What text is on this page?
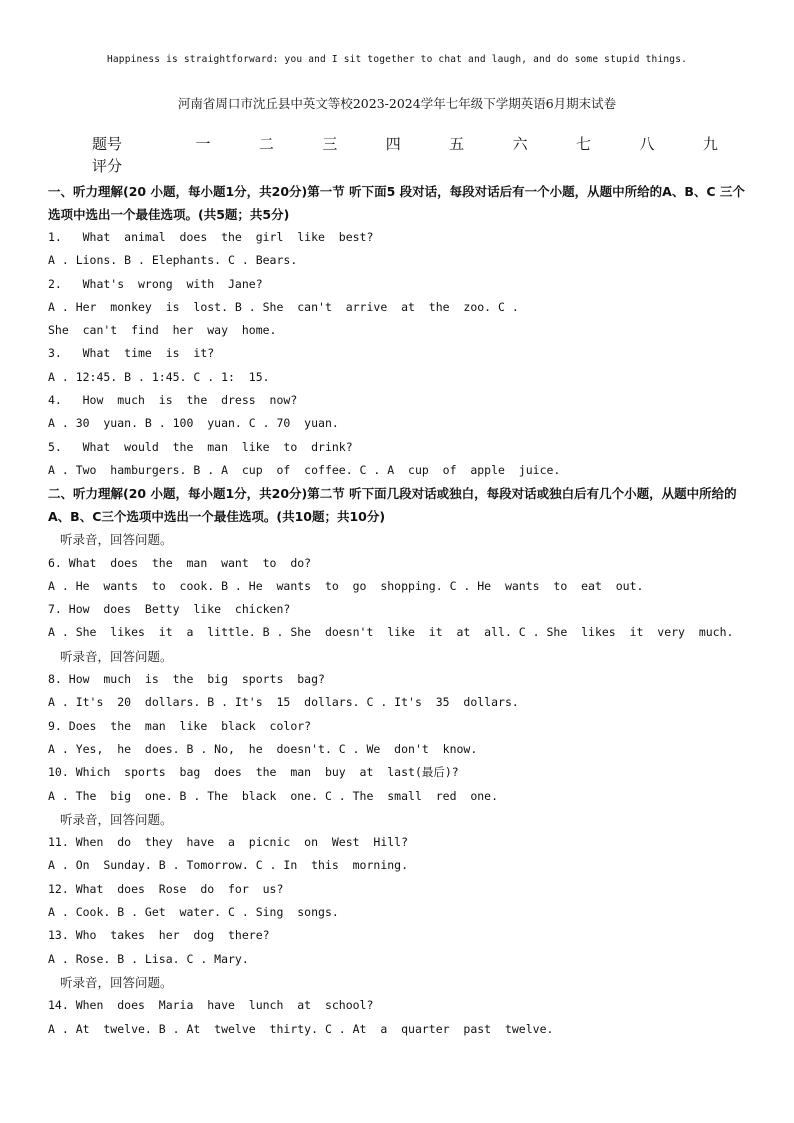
Happiness is straightforward: you and I sit together to chat and laugh, and do some stupid things.
河南省周口市沈丘县中英文等校2023-2024学年七年级下学期英语6月期末试卷
题号	一	二	三	四	五	六	七	八	九
评分

一、听力理解(20 小题，每小题1分，共20分)第一节 听下面5 段对话，每段对话后有一个小题，从题中所给的A、B、C 三个选项中选出一个最佳选项。(共5题；共5分)

1.   What  animal  does  the  girl  like  best?

A . Lions. B . Elephants. C . Bears.

2.   What's  wrong  with  Jane?

A . Her  monkey  is  lost. B . She  can't  arrive  at  the  zoo. C .

She  can't  find  her  way  home.

3.   What  time  is  it?

A . 12:45. B . 1:45. C . 1:  15.

4.   How  much  is  the  dress  now?

A . 30  yuan. B . 100  yuan. C . 70  yuan.

5.   What  would  the  man  like  to  drink?

A . Two  hamburgers. B . A  cup  of  coffee. C . A  cup  of  apple  juice.

二、听力理解(20 小题，每小题1分，共20分)第二节 听下面几段对话或独白，每段对话或独白后有几个小题，从题中所给的A、B、C三个选项中选出一个最佳选项。(共10题；共10分)

听录音，回答问题。

6. What  does  the  man  want  to  do?

A . He  wants  to  cook. B . He  wants  to  go  shopping. C . He  wants  to  eat  out.

7. How  does  Betty  like  chicken?

A . She  likes  it  a  little. B . She  doesn't  like  it  at  all. C . She  likes  it  very  much.

听录音，回答问题。

8. How  much  is  the  big  sports  bag?

A . It's  20  dollars. B . It's  15  dollars. C . It's  35  dollars.

9. Does  the  man  like  black  color?

A . Yes,  he  does. B . No,  he  doesn't. C . We  don't  know.

10. Which  sports  bag  does  the  man  buy  at  last(最后)?

A . The  big  one. B . The  black  one. C . The  small  red  one.

听录音，回答问题。

11. When  do  they  have  a  picnic  on  West  Hill?

A . On  Sunday. B . Tomorrow. C . In  this  morning.

12. What  does  Rose  do  for  us?

A . Cook. B . Get  water. C . Sing  songs.

13. Who  takes  her  dog  there?

A . Rose. B . Lisa. C . Mary.

听录音，回答问题。

14. When  does  Maria  have  lunch  at  school?

A . At  twelve. B . At  twelve  thirty. C . At  a  quarter  past  twelve.
